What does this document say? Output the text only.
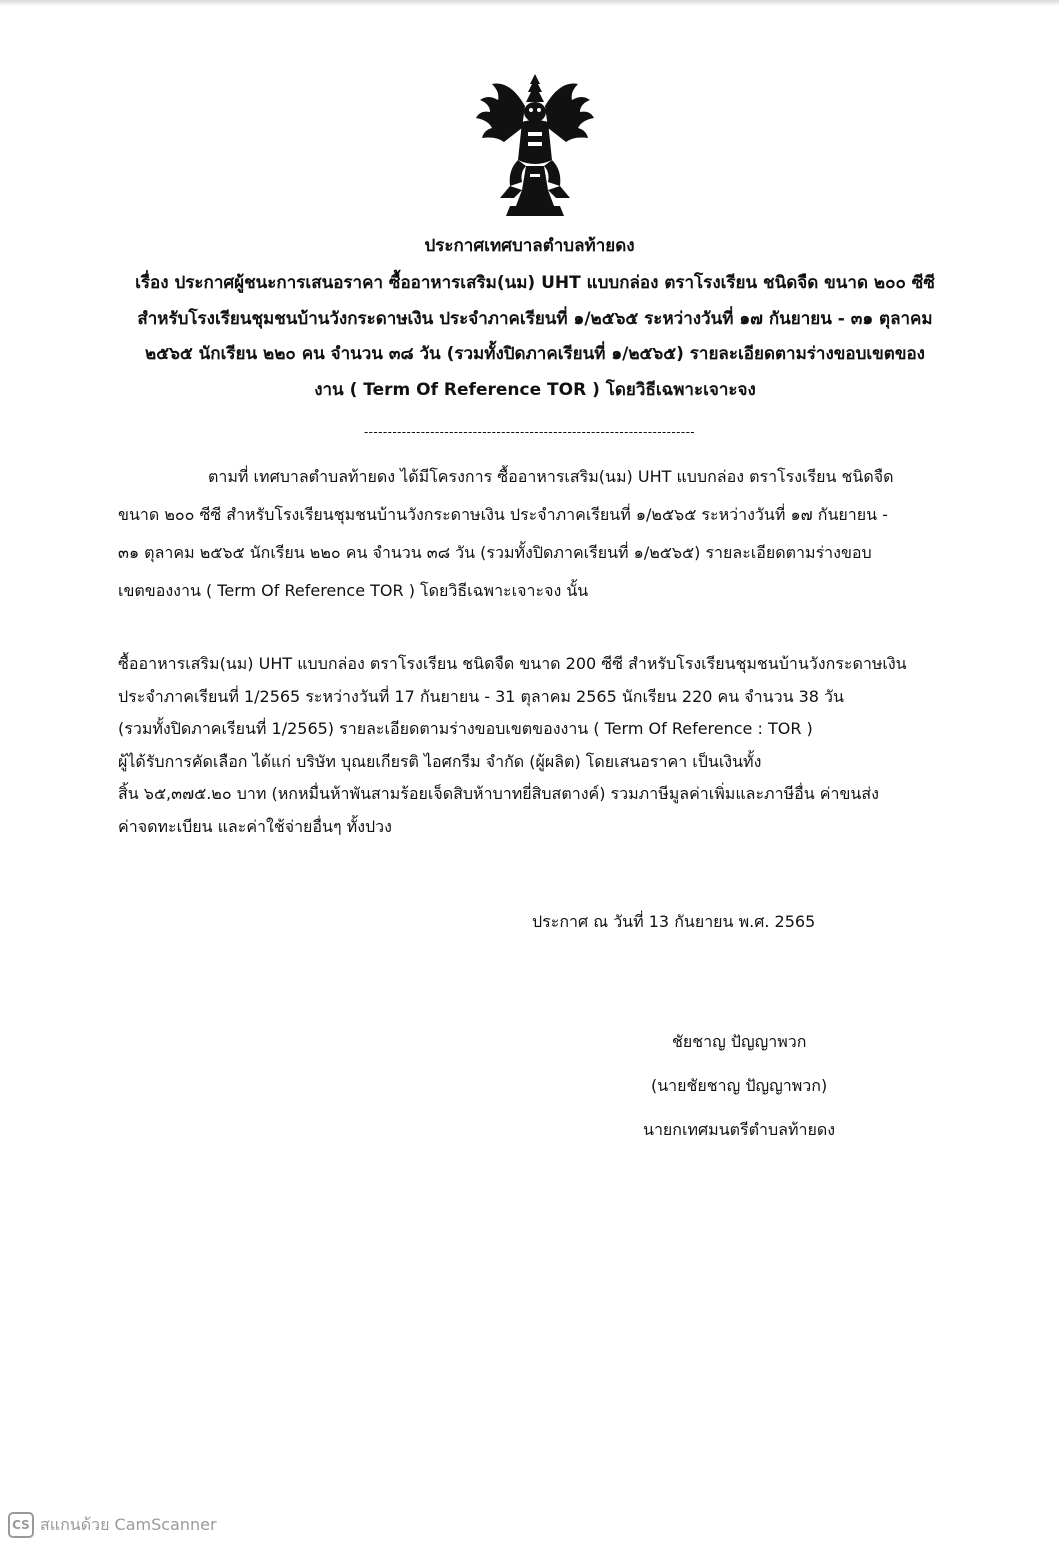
ประกาศเทศบาลตำบลท้ายดง
เรื่อง ประกาศผู้ชนะการเสนอราคา ซื้ออาหารเสริม(นม) UHT แบบกล่อง ตราโรงเรียน ชนิดจืด ขนาด ๒๐๐ ซีซี
สำหรับโรงเรียนชุมชนบ้านวังกระดาษเงิน ประจำภาคเรียนที่ ๑/๒๕๖๕ ระหว่างวันที่ ๑๗ กันยายน - ๓๑ ตุลาคม
๒๕๖๕ นักเรียน ๒๒๐ คน จำนวน ๓๘ วัน (รวมทั้งปิดภาคเรียนที่ ๑/๒๕๖๕) รายละเอียดตามร่างขอบเขตของ
งาน ( Term Of Reference TOR ) โดยวิธีเฉพาะเจาะจง
----------------------------------------------------------------------
ตามที่ เทศบาลตำบลท้ายดง ได้มีโครงการ ซื้ออาหารเสริม(นม) UHT แบบกล่อง ตราโรงเรียน ชนิดจืด
ขนาด ๒๐๐ ซีซี สำหรับโรงเรียนชุมชนบ้านวังกระดาษเงิน ประจำภาคเรียนที่ ๑/๒๕๖๕ ระหว่างวันที่ ๑๗ กันยายน -
๓๑ ตุลาคม ๒๕๖๕ นักเรียน ๒๒๐ คน จำนวน ๓๘ วัน (รวมทั้งปิดภาคเรียนที่ ๑/๒๕๖๕) รายละเอียดตามร่างขอบ
เขตของงาน ( Term Of Reference TOR ) โดยวิธีเฉพาะเจาะจง นั้น
ซื้ออาหารเสริม(นม) UHT แบบกล่อง ตราโรงเรียน ชนิดจืด ขนาด 200 ซีซี สำหรับโรงเรียนชุมชนบ้านวังกระดาษเงิน
ประจำภาคเรียนที่ 1/2565 ระหว่างวันที่ 17 กันยายน - 31 ตุลาคม 2565 นักเรียน 220 คน จำนวน 38 วัน
(รวมทั้งปิดภาคเรียนที่ 1/2565) รายละเอียดตามร่างขอบเขตของงาน ( Term Of Reference : TOR )
ผู้ได้รับการคัดเลือก ได้แก่ บริษัท บุณยเกียรติ ไอศกรีม จำกัด (ผู้ผลิต) โดยเสนอราคา เป็นเงินทั้ง
สิ้น ๖๕,๓๗๕.๒๐ บาท (หกหมื่นห้าพันสามร้อยเจ็ดสิบห้าบาทยี่สิบสตางค์) รวมภาษีมูลค่าเพิ่มและภาษีอื่น ค่าขนส่ง
ค่าจดทะเบียน และค่าใช้จ่ายอื่นๆ ทั้งปวง
ประกาศ ณ วันที่ 13 กันยายน พ.ศ. 2565
ชัยชาญ ปัญญาพวก
(นายชัยชาญ ปัญญาพวก)
นายกเทศมนตรีตำบลท้ายดง
CS สแกนด้วย CamScanner
